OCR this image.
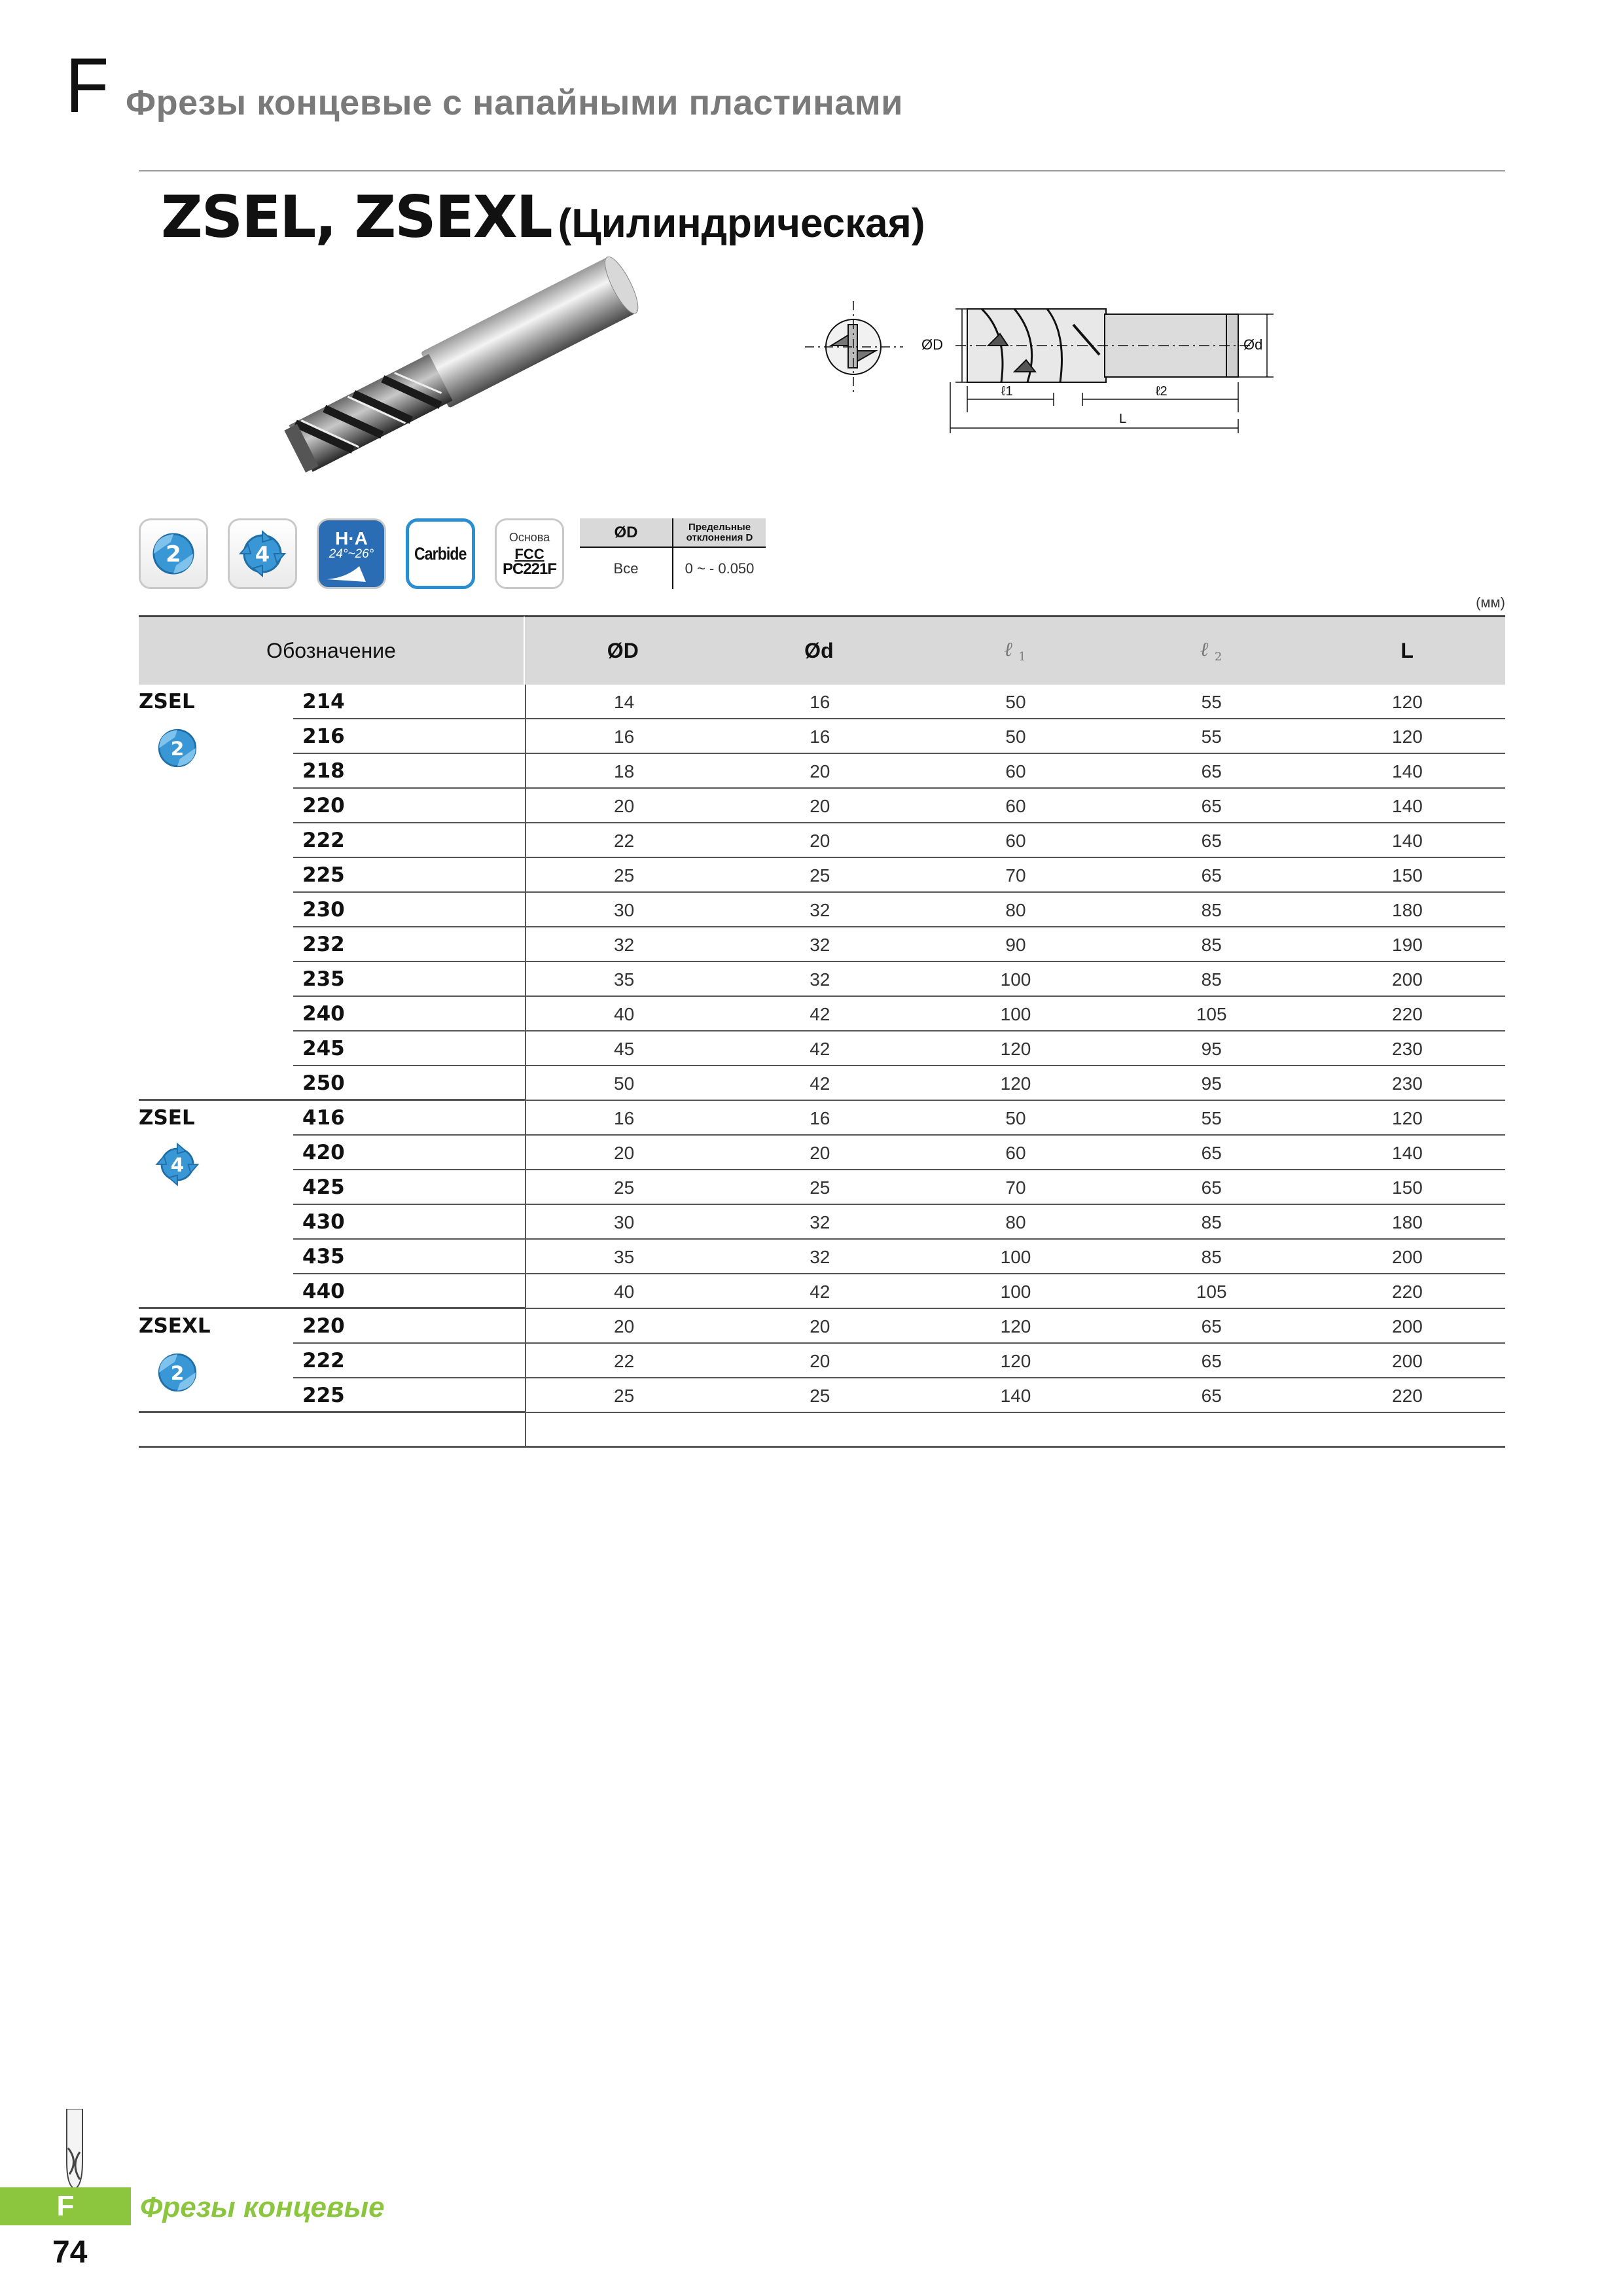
F Фрезы концевые с напайными пластинами
ZSEL, ZSEXL (Цилиндрическая)
ØD	Ød
ℓ1	ℓ2
L
2	4
H·A
24°~26° Carbide
Основа
FCC
PC221F
ØD	Предельные отклонения D
Все	0 ~ - 0.050
(мм)
Обозначение	ØD	Ød	ℓ $_1$	ℓ $_2$	L
ZSEL
2
214	14	16	50	55	120
216	16	16	50	55	120
218	18	20	60	65	140
220	20	20	60	65	140
222	22	20	60	65	140
225	25	25	70	65	150
230	30	32	80	85	180
232	32	32	90	85	190
235	35	32	100	85	200
240	40	42	100	105	220
245	45	42	120	95	230
250	50	42	120	95	230
ZSEL
4
416	16	16	50	55	120
420	20	20	60	65	140
425	25	25	70	65	150
430	30	32	80	85	180
435	35	32	100	85	200
440	40	42	100	105	220
ZSEXL
2
220	20	20	120	65	200
222	22	20	120	65	200
225	25	25	140	65	220
F	Фрезы концевые
74
